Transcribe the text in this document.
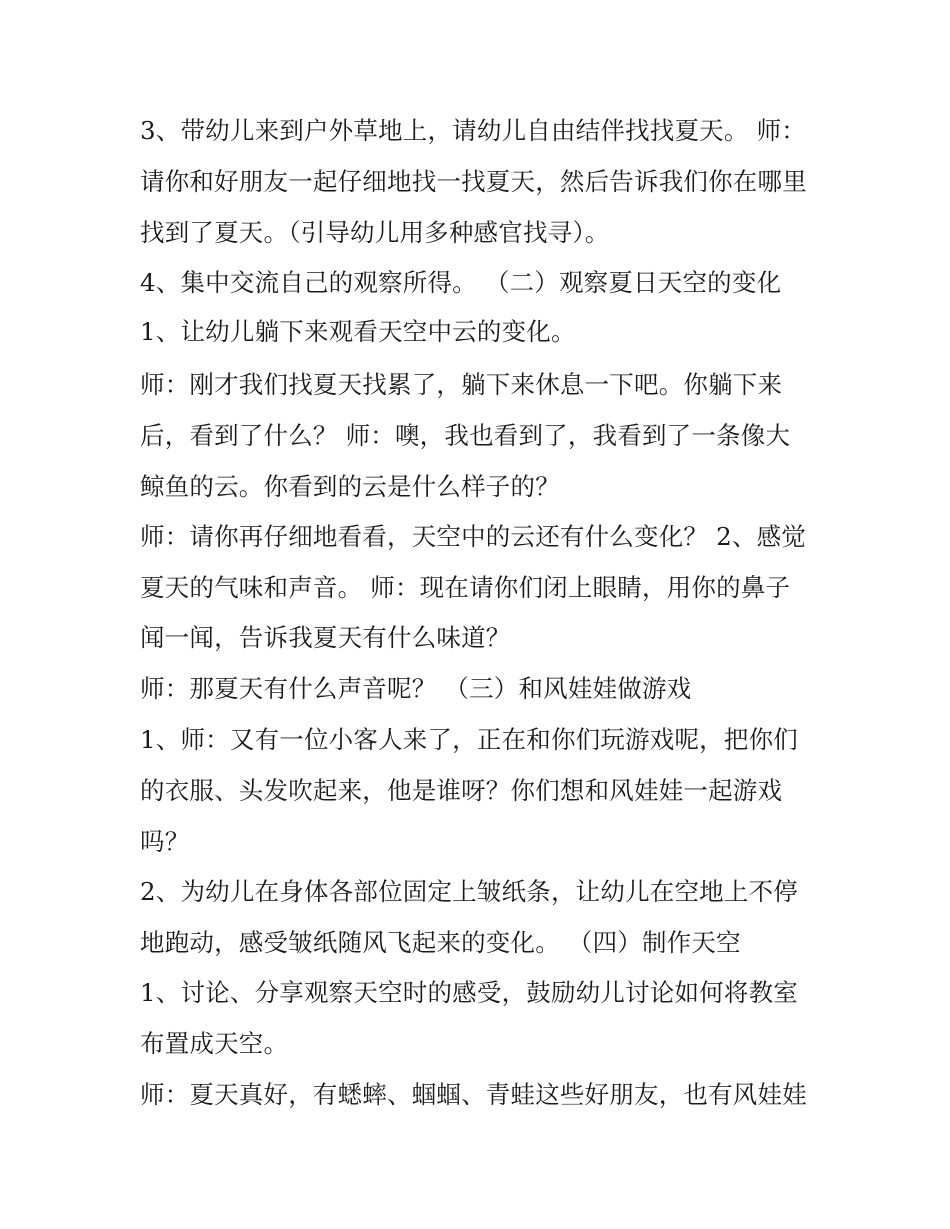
3、带幼儿来到户外草地上，请幼儿自由结伴找找夏天。 师：
请你和好朋友一起仔细地找一找夏天，然后告诉我们你在哪里
找到了夏天。（引导幼儿用多种感官找寻）。
4、集中交流自己的观察所得。 （二）观察夏日天空的变化
1、让幼儿躺下来观看天空中云的变化。
师：刚才我们找夏天找累了，躺下来休息一下吧。你躺下来
后，看到了什么？ 师：噢，我也看到了，我看到了一条像大
鲸鱼的云。你看到的云是什么样子的？
师：请你再仔细地看看，天空中的云还有什么变化？ 2、感觉
夏天的气味和声音。 师：现在请你们闭上眼睛，用你的鼻子
闻一闻，告诉我夏天有什么味道？
师：那夏天有什么声音呢？ （三）和风娃娃做游戏
1、师：又有一位小客人来了，正在和你们玩游戏呢，把你们
的衣服、头发吹起来，他是谁呀？你们想和风娃娃一起游戏
吗？
2、为幼儿在身体各部位固定上皱纸条，让幼儿在空地上不停
地跑动，感受皱纸随风飞起来的变化。 （四）制作天空
1、讨论、分享观察天空时的感受，鼓励幼儿讨论如何将教室
布置成天空。
师：夏天真好，有蟋蟀、蝈蝈、青蛙这些好朋友，也有风娃娃
